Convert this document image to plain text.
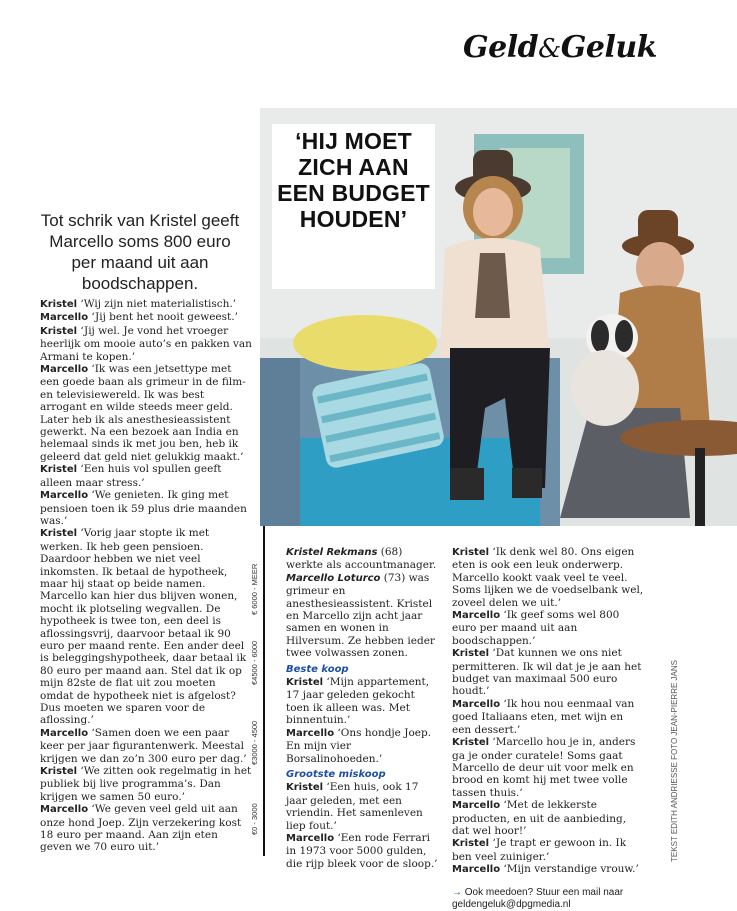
Geld&Geluk
Tot schrik van Kristel geeft Marcello soms 800 euro per maand uit aan boodschappen.
‘HIJ MOET ZICH AAN EEN BUDGET HOUDEN’

Kristel ‘Wij zijn niet materialistisch.’

Marcello ‘Jij bent het nooit geweest.’

Kristel ‘Jij wel. Je vond het vroeger heerlijk om mooie auto’s en pakken van Armani te kopen.’

Marcello ‘Ik was een jetsettype met een goede baan als grimeur in de film- en televisiewereld. Ik was best arrogant en wilde steeds meer geld. Later heb ik als anesthesieassistent gewerkt. Na een bezoek aan India en helemaal sinds ik met jou ben, heb ik geleerd dat geld niet gelukkig maakt.’

Kristel ‘Een huis vol spullen geeft alleen maar stress.’

Marcello ‘We genieten. Ik ging met pensioen toen ik 59 plus drie maanden was.’

Kristel ‘Vorig jaar stopte ik met werken. Ik heb geen pensioen. Daardoor hebben we niet veel inkomsten. Ik betaal de hypotheek, maar hij staat op beide namen. Marcello kan hier dus blijven wonen, mocht ik plotseling wegvallen. De hypotheek is twee ton, een deel is aflossingsvrij, daarvoor betaal ik 90 euro per maand rente. Een ander deel is beleggingshypotheek, daar betaal ik 80 euro per maand aan. Stel dat ik op mijn 82ste de flat uit zou moeten omdat de hypotheek niet is afgelost? Dus moeten we sparen voor de aflossing.’

Marcello ‘Samen doen we een paar keer per jaar figurantenwerk. Meestal krijgen we dan zo’n 300 euro per dag.’

Kristel ‘We zitten ook regelmatig in het publiek bij live programma’s. Dan krijgen we samen 50 euro.’

Marcello ‘We geven veel geld uit aan onze hond Joep. Zijn verzekering kost 18 euro per maand. Aan zijn eten geven we 70 euro uit.’

€0 - 3000
€3000 - 4500
€4500 - 6000
€ 6000 - MEER

Kristel Rekmans (68) werkte als accountmanager.

Marcello Loturco (73) was grimeur en anesthesieassistent. Kristel en Marcello zijn acht jaar samen en wonen in Hilversum. Ze hebben ieder twee volwassen zonen.

Beste koop

Kristel ‘Mijn appartement, 17 jaar geleden gekocht toen ik alleen was. Met binnentuin.’

Marcello ‘Ons hondje Joep. En mijn vier Borsalinohoeden.’

Grootste miskoop

Kristel ‘Een huis, ook 17 jaar geleden, met een vriendin. Het samenleven liep fout.’

Marcello ‘Een rode Ferrari in 1973 voor 5000 gulden, die rijp bleek voor de sloop.’

Kristel ‘Ik denk wel 80. Ons eigen eten is ook een leuk onderwerp. Marcello kookt vaak veel te veel. Soms lijken we de voedselbank wel, zoveel delen we uit.’

Marcello ‘Ik geef soms wel 800 euro per maand uit aan boodschappen.’

Kristel ‘Dat kunnen we ons niet permitteren. Ik wil dat je je aan het budget van maximaal 500 euro houdt.’

Marcello ‘Ik hou nou eenmaal van goed Italiaans eten, met wijn en een dessert.’

Kristel ‘Marcello hou je in, anders ga je onder curatele! Soms gaat Marcello de deur uit voor melk en brood en komt hij met twee volle tassen thuis.’

Marcello ‘Met de lekkerste producten, en uit de aanbieding, dat wel hoor!’

Kristel ‘Je trapt er gewoon in. Ik ben veel zuiniger.’

Marcello ‘Mijn verstandige vrouw.’

→ Ook meedoen? Stuur een mail naar geldengeluk@dpgmedia.nl

TEKST EDITH ANDRIESSE FOTO JEAN-PIERRE JANS
